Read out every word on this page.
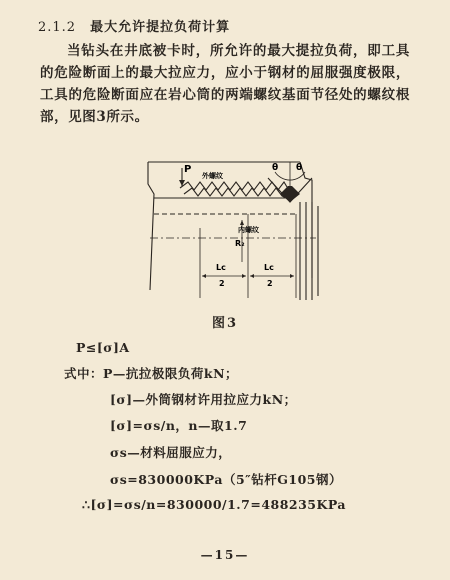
2.1.2 最大允许提拉负荷计算
当钻头在井底被卡时，所允许的最大提拉负荷，即工具的危险断面上的最大拉应力，应小于钢材的屈服强度极限，工具的危险断面应在岩心筒的两端螺纹基面节径处的螺纹根部，见图3所示。
P
外螺纹
内螺纹
θ θ
R₂
Lc
2
Lc
2
图3
P≤[σ]A
式中：P—抗拉极限负荷kN；
[σ]—外筒钢材许用拉应力kN；
[σ]=σs/n，n—取1.7
σs—材料屈服应力，
σs=830000KPa（5″钻杆G105钢）
∴[σ]=σs/n=830000/1.7=488235KPa
—15—
